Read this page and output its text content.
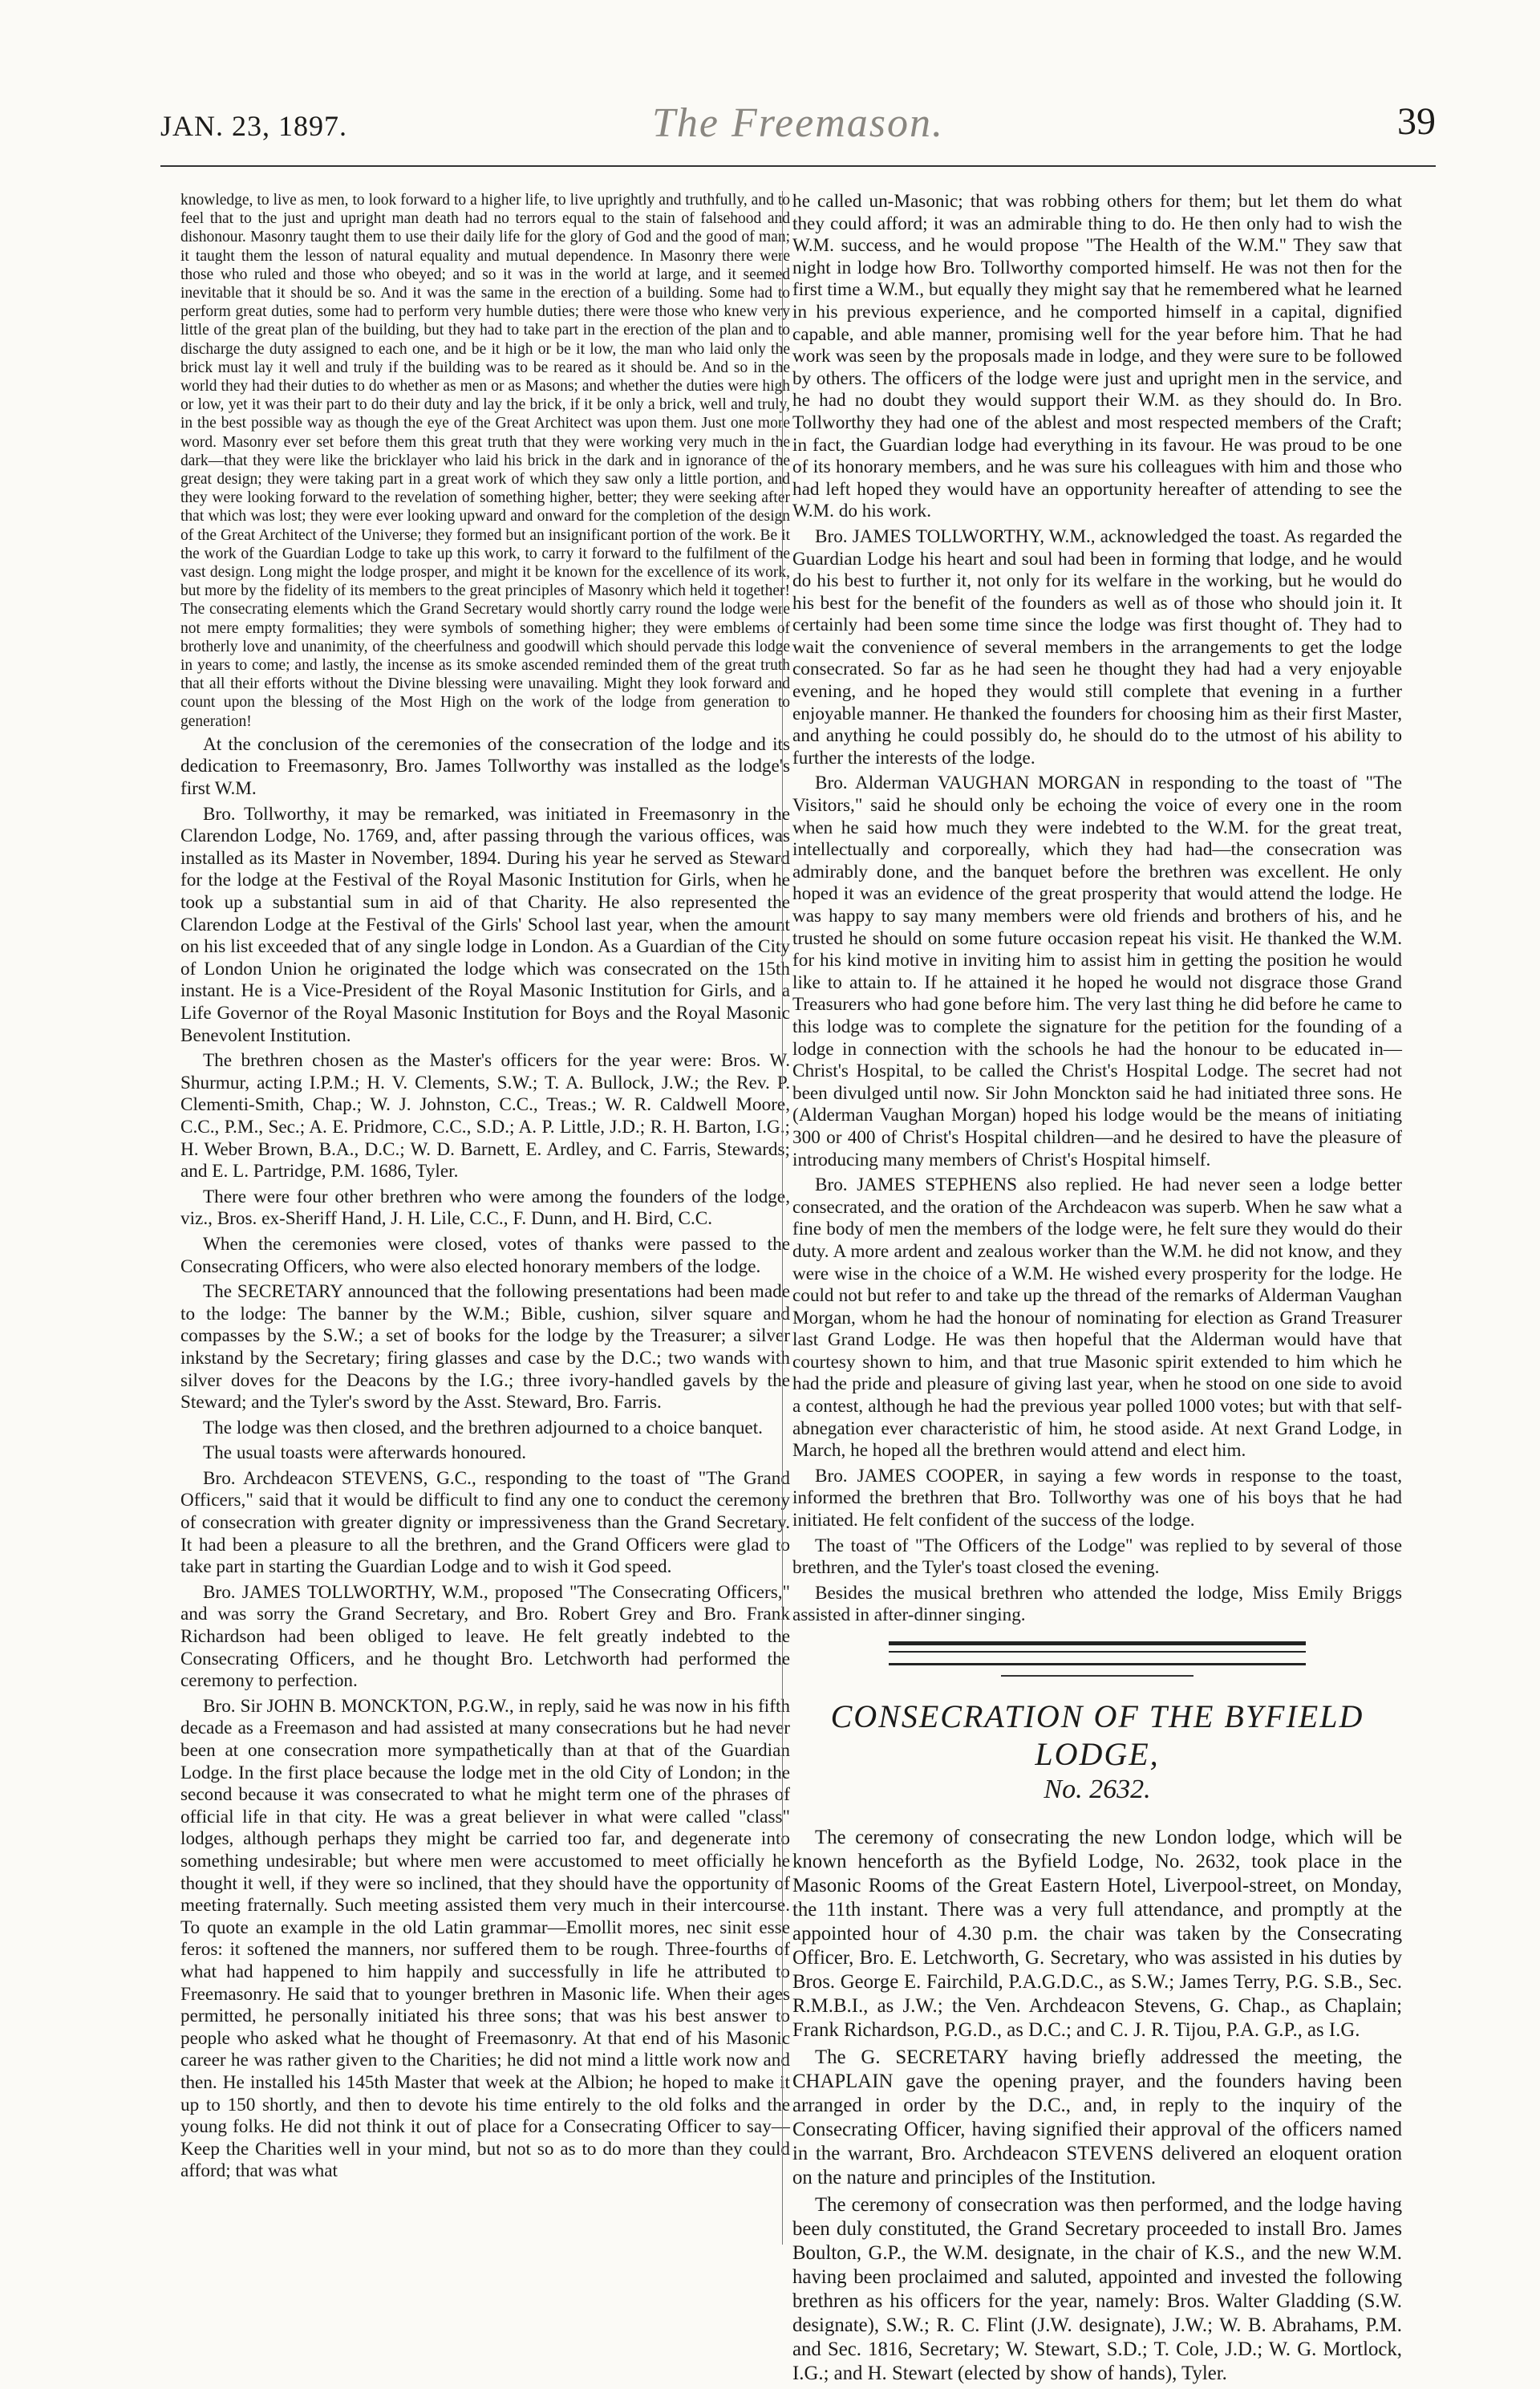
JAN. 23, 1897.	The Freemason.	39

knowledge, to live as men, to look forward to a higher life, to live uprightly and truthfully, and to feel that to the just and upright man death had no terrors equal to the stain of falsehood and dishonour. Masonry taught them to use their daily life for the glory of God and the good of man; it taught them the lesson of natural equality and mutual dependence. In Masonry there were those who ruled and those who obeyed; and so it was in the world at large, and it seemed inevitable that it should be so. And it was the same in the erection of a building. Some had to perform great duties, some had to perform very humble duties; there were those who knew very little of the great plan of the building, but they had to take part in the erection of the plan and to discharge the duty assigned to each one, and be it high or be it low, the man who laid only the brick must lay it well and truly if the building was to be reared as it should be. And so in the world they had their duties to do whether as men or as Masons; and whether the duties were high or low, yet it was their part to do their duty and lay the brick, if it be only a brick, well and truly, in the best possible way as though the eye of the Great Architect was upon them. Just one more word. Masonry ever set before them this great truth that they were working very much in the dark—that they were like the bricklayer who laid his brick in the dark and in ignorance of the great design; they were taking part in a great work of which they saw only a little portion, and they were looking forward to the revelation of something higher, better; they were seeking after that which was lost; they were ever looking upward and onward for the completion of the design of the Great Architect of the Universe; they formed but an insignificant portion of the work. Be it the work of the Guardian Lodge to take up this work, to carry it forward to the fulfilment of the vast design. Long might the lodge prosper, and might it be known for the excellence of its work, but more by the fidelity of its members to the great principles of Masonry which held it together! The consecrating elements which the Grand Secretary would shortly carry round the lodge were not mere empty formalities; they were symbols of something higher; they were emblems of brotherly love and unanimity, of the cheerfulness and goodwill which should pervade this lodge in years to come; and lastly, the incense as its smoke ascended reminded them of the great truth that all their efforts without the Divine blessing were unavailing. Might they look forward and count upon the blessing of the Most High on the work of the lodge from generation to generation!

At the conclusion of the ceremonies of the consecration of the lodge and its dedication to Freemasonry, Bro. James Tollworthy was installed as the lodge's first W.M.

Bro. Tollworthy, it may be remarked, was initiated in Freemasonry in the Clarendon Lodge, No. 1769, and, after passing through the various offices, was installed as its Master in November, 1894. During his year he served as Steward for the lodge at the Festival of the Royal Masonic Institution for Girls, when he took up a substantial sum in aid of that Charity. He also represented the Clarendon Lodge at the Festival of the Girls' School last year, when the amount on his list exceeded that of any single lodge in London. As a Guardian of the City of London Union he originated the lodge which was consecrated on the 15th instant. He is a Vice-President of the Royal Masonic Institution for Girls, and a Life Governor of the Royal Masonic Institution for Boys and the Royal Masonic Benevolent Institution.

The brethren chosen as the Master's officers for the year were: Bros. W. Shurmur, acting I.P.M.; H. V. Clements, S.W.; T. A. Bullock, J.W.; the Rev. P. Clementi-Smith, Chap.; W. J. Johnston, C.C., Treas.; W. R. Caldwell Moore, C.C., P.M., Sec.; A. E. Pridmore, C.C., S.D.; A. P. Little, J.D.; R. H. Barton, I.G.; H. Weber Brown, B.A., D.C.; W. D. Barnett, E. Ardley, and C. Farris, Stewards; and E. L. Partridge, P.M. 1686, Tyler.

There were four other brethren who were among the founders of the lodge, viz., Bros. ex-Sheriff Hand, J. H. Lile, C.C., F. Dunn, and H. Bird, C.C.

When the ceremonies were closed, votes of thanks were passed to the Consecrating Officers, who were also elected honorary members of the lodge.

The SECRETARY announced that the following presentations had been made to the lodge: The banner by the W.M.; Bible, cushion, silver square and compasses by the S.W.; a set of books for the lodge by the Treasurer; a silver inkstand by the Secretary; firing glasses and case by the D.C.; two wands with silver doves for the Deacons by the I.G.; three ivory-handled gavels by the Steward; and the Tyler's sword by the Asst. Steward, Bro. Farris.

The lodge was then closed, and the brethren adjourned to a choice banquet.

The usual toasts were afterwards honoured.

Bro. Archdeacon STEVENS, G.C., responding to the toast of "The Grand Officers," said that it would be difficult to find any one to conduct the ceremony of consecration with greater dignity or impressiveness than the Grand Secretary. It had been a pleasure to all the brethren, and the Grand Officers were glad to take part in starting the Guardian Lodge and to wish it God speed.

Bro. JAMES TOLLWORTHY, W.M., proposed "The Consecrating Officers," and was sorry the Grand Secretary, and Bro. Robert Grey and Bro. Frank Richardson had been obliged to leave. He felt greatly indebted to the Consecrating Officers, and he thought Bro. Letchworth had performed the ceremony to perfection.

Bro. Sir JOHN B. MONCKTON, P.G.W., in reply, said he was now in his fifth decade as a Freemason and had assisted at many consecrations but he had never been at one consecration more sympathetically than at that of the Guardian Lodge. In the first place because the lodge met in the old City of London; in the second because it was consecrated to what he might term one of the phrases of official life in that city. He was a great believer in what were called "class" lodges, although perhaps they might be carried too far, and degenerate into something undesirable; but where men were accustomed to meet officially he thought it well, if they were so inclined, that they should have the opportunity of meeting fraternally. Such meeting assisted them very much in their intercourse. To quote an example in the old Latin grammar—Emollit mores, nec sinit esse feros: it softened the manners, nor suffered them to be rough. Three-fourths of what had happened to him happily and successfully in life he attributed to Freemasonry. He said that to younger brethren in Masonic life. When their ages permitted, he personally initiated his three sons; that was his best answer to people who asked what he thought of Freemasonry. At that end of his Masonic career he was rather given to the Charities; he did not mind a little work now and then. He installed his 145th Master that week at the Albion; he hoped to make it up to 150 shortly, and then to devote his time entirely to the old folks and the young folks. He did not think it out of place for a Consecrating Officer to say—Keep the Charities well in your mind, but not so as to do more than they could afford; that was what

he called un-Masonic; that was robbing others for them; but let them do what they could afford; it was an admirable thing to do. He then only had to wish the W.M. success, and he would propose "The Health of the W.M." They saw that night in lodge how Bro. Tollworthy comported himself. He was not then for the first time a W.M., but equally they might say that he remembered what he learned in his previous experience, and he comported himself in a capital, dignified capable, and able manner, promising well for the year before him. That he had work was seen by the proposals made in lodge, and they were sure to be followed by others. The officers of the lodge were just and upright men in the service, and he had no doubt they would support their W.M. as they should do. In Bro. Tollworthy they had one of the ablest and most respected members of the Craft; in fact, the Guardian lodge had everything in its favour. He was proud to be one of its honorary members, and he was sure his colleagues with him and those who had left hoped they would have an opportunity hereafter of attending to see the W.M. do his work.

Bro. JAMES TOLLWORTHY, W.M., acknowledged the toast. As regarded the Guardian Lodge his heart and soul had been in forming that lodge, and he would do his best to further it, not only for its welfare in the working, but he would do his best for the benefit of the founders as well as of those who should join it. It certainly had been some time since the lodge was first thought of. They had to wait the convenience of several members in the arrangements to get the lodge consecrated. So far as he had seen he thought they had had a very enjoyable evening, and he hoped they would still complete that evening in a further enjoyable manner. He thanked the founders for choosing him as their first Master, and anything he could possibly do, he should do to the utmost of his ability to further the interests of the lodge.

Bro. Alderman VAUGHAN MORGAN in responding to the toast of "The Visitors," said he should only be echoing the voice of every one in the room when he said how much they were indebted to the W.M. for the great treat, intellectually and corporeally, which they had had—the consecration was admirably done, and the banquet before the brethren was excellent. He only hoped it was an evidence of the great prosperity that would attend the lodge. He was happy to say many members were old friends and brothers of his, and he trusted he should on some future occasion repeat his visit. He thanked the W.M. for his kind motive in inviting him to assist him in getting the position he would like to attain to. If he attained it he hoped he would not disgrace those Grand Treasurers who had gone before him. The very last thing he did before he came to this lodge was to complete the signature for the petition for the founding of a lodge in connection with the schools he had the honour to be educated in—Christ's Hospital, to be called the Christ's Hospital Lodge. The secret had not been divulged until now. Sir John Monckton said he had initiated three sons. He (Alderman Vaughan Morgan) hoped his lodge would be the means of initiating 300 or 400 of Christ's Hospital children—and he desired to have the pleasure of introducing many members of Christ's Hospital himself.

Bro. JAMES STEPHENS also replied. He had never seen a lodge better consecrated, and the oration of the Archdeacon was superb. When he saw what a fine body of men the members of the lodge were, he felt sure they would do their duty. A more ardent and zealous worker than the W.M. he did not know, and they were wise in the choice of a W.M. He wished every prosperity for the lodge. He could not but refer to and take up the thread of the remarks of Alderman Vaughan Morgan, whom he had the honour of nominating for election as Grand Treasurer last Grand Lodge. He was then hopeful that the Alderman would have that courtesy shown to him, and that true Masonic spirit extended to him which he had the pride and pleasure of giving last year, when he stood on one side to avoid a contest, although he had the previous year polled 1000 votes; but with that self-abnegation ever characteristic of him, he stood aside. At next Grand Lodge, in March, he hoped all the brethren would attend and elect him.

Bro. JAMES COOPER, in saying a few words in response to the toast, informed the brethren that Bro. Tollworthy was one of his boys that he had initiated. He felt confident of the success of the lodge.

The toast of "The Officers of the Lodge" was replied to by several of those brethren, and the Tyler's toast closed the evening.

Besides the musical brethren who attended the lodge, Miss Emily Briggs assisted in after-dinner singing.

CONSECRATION OF THE BYFIELD LODGE,
No. 2632.

The ceremony of consecrating the new London lodge, which will be known henceforth as the Byfield Lodge, No. 2632, took place in the Masonic Rooms of the Great Eastern Hotel, Liverpool-street, on Monday, the 11th instant. There was a very full attendance, and promptly at the appointed hour of 4.30 p.m. the chair was taken by the Consecrating Officer, Bro. E. Letchworth, G. Secretary, who was assisted in his duties by Bros. George E. Fairchild, P.A.G.D.C., as S.W.; James Terry, P.G. S.B., Sec. R.M.B.I., as J.W.; the Ven. Archdeacon Stevens, G. Chap., as Chaplain; Frank Richardson, P.G.D., as D.C.; and C. J. R. Tijou, P.A. G.P., as I.G.

The G. SECRETARY having briefly addressed the meeting, the CHAPLAIN gave the opening prayer, and the founders having been arranged in order by the D.C., and, in reply to the inquiry of the Consecrating Officer, having signified their approval of the officers named in the warrant, Bro. Archdeacon STEVENS delivered an eloquent oration on the nature and principles of the Institution.

The ceremony of consecration was then performed, and the lodge having been duly constituted, the Grand Secretary proceeded to install Bro. James Boulton, G.P., the W.M. designate, in the chair of K.S., and the new W.M. having been proclaimed and saluted, appointed and invested the following brethren as his officers for the year, namely: Bros. Walter Gladding (S.W. designate), S.W.; R. C. Flint (J.W. designate), J.W.; W. B. Abrahams, P.M. and Sec. 1816, Secretary; W. Stewart, S.D.; T. Cole, J.D.; W. G. Mortlock, I.G.; and H. Stewart (elected by show of hands), Tyler.
